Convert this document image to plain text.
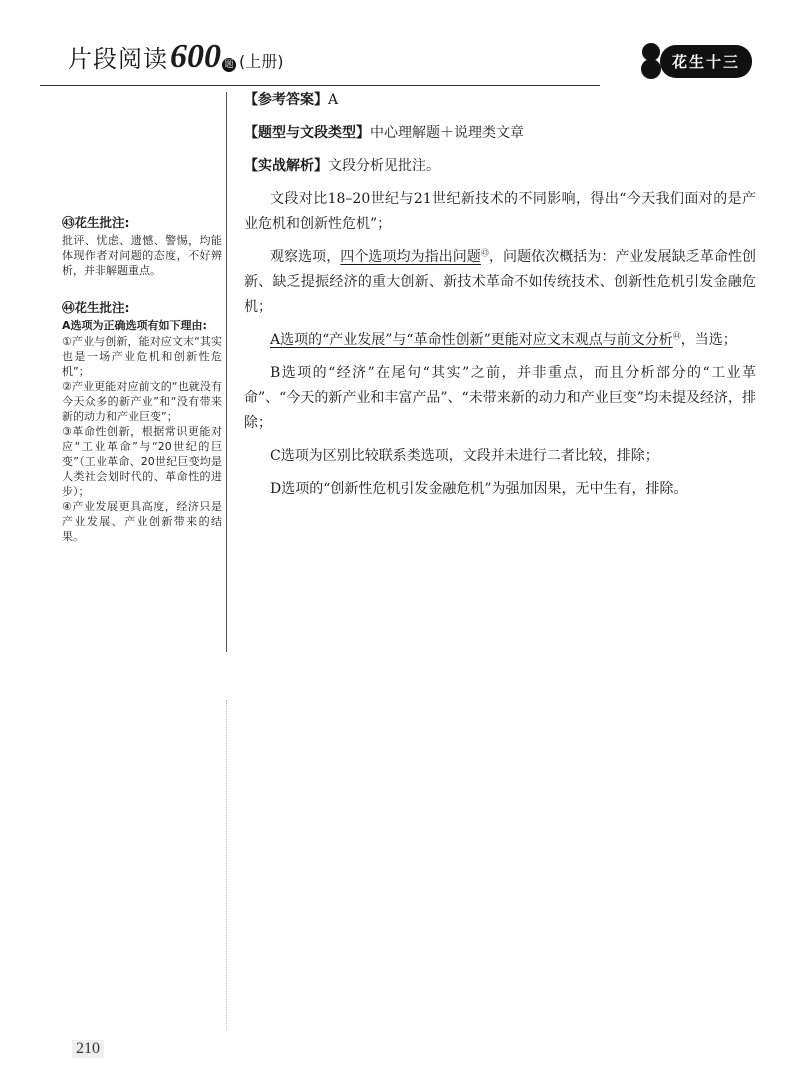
片段阅读 600 题 (上册)	花生十三
㊸花生批注:
批评、忧虑、遗憾、警惕，均能体现作者对问题的态度，不好辨析，并非解题重点。
㊹花生批注:
A选项为正确选项有如下理由:

①产业与创新，能对应文末“其实也是一场产业危机和创新性危机”；

②产业更能对应前文的“也就没有今天众多的新产业”和“没有带来新的动力和产业巨变”；

③革命性创新，根据常识更能对应“工业革命”与“20世纪的巨变”（工业革命、20世纪巨变均是人类社会划时代的、革命性的进步）；

④产业发展更具高度，经济只是产业发展、产业创新带来的结果。

【参考答案】A

【题型与文段类型】中心理解题＋说理类文章

【实战解析】文段分析见批注。

文段对比18–20世纪与21世纪新技术的不同影响，得出“今天我们面对的是产业危机和创新性危机”；

观察选项，四个选项均为指出问题$^㊸$，问题依次概括为：产业发展缺乏革命性创新、缺乏提振经济的重大创新、新技术革命不如传统技术、创新性危机引发金融危机；

A选项的“产业发展”与“革命性创新”更能对应文末观点与前文分析$^㊹$，当选；

B选项的“经济”在尾句“其实”之前，并非重点，而且分析部分的“工业革命”、“今天的新产业和丰富产品”、“未带来新的动力和产业巨变”均未提及经济，排除；

C选项为区别比较联系类选项，文段并未进行二者比较，排除；

D选项的“创新性危机引发金融危机”为强加因果，无中生有，排除。

210
